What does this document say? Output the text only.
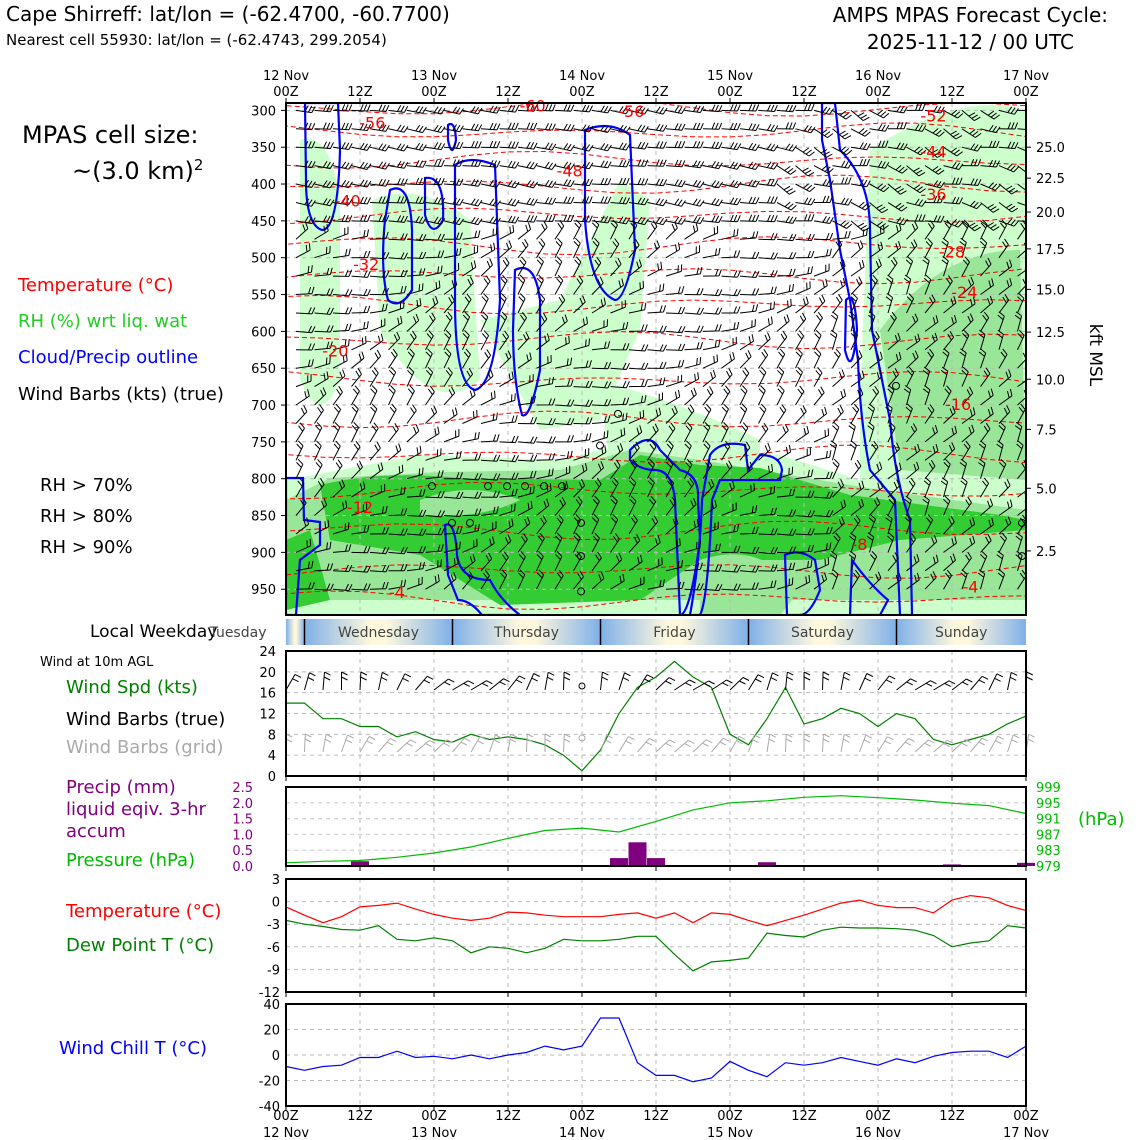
Cape Shirreff: lat/lon = (-62.4700, -60.7700)
Nearest cell 55930: lat/lon = (-62.4743, 299.2054)
AMPS MPAS Forecast Cycle:
2025-11-12 / 00 UTC
MPAS cell size:
~(3.0 km)$^2$
Temperature (°C)
RH (%) wrt liq. wat
Cloud/Precip outline
Wind Barbs (kts) (true)
RH > 70%
RH > 80%
RH > 90%
Local Weekday
Wind at 10m AGL
Wind Spd (kts)
Wind Barbs (true)
Wind Barbs (grid)
Precip (mm) liquid eqiv. 3-hr accum
Pressure (hPa)
(hPa)
Temperature (°C)
Dew Point T (°C)
Wind Chill T (°C)
-60	-56
-56	-52
-48
-44
-40	-36
-32
-28
-24
-20
-16
-12
-8
-4	-4
300
350
400
450
500
550
600
650
700
750
800
850
900
950
25.0
22.5
20.0
17.5
15.0
12.5
10.0
7.5
5.0
2.5
kft MSL
12 Nov
00Z	12Z
13 Nov
00Z	12Z
14 Nov
00Z	12Z
15 Nov
00Z	12Z
16 Nov
00Z	12Z
17 Nov
00Z
Tuesday	Wednesday	Thursday	Friday	Saturday	Sunday
0
4
8
12
16
20
24
0.0
0.5
1.0
1.5
2.0
2.5
979
983
987
991
995
999
-12
-9
-6
-3
0
3
-40
-20
0
20
40
00Z
12 Nov
12Z	00Z
13 Nov
12Z	00Z
14 Nov
12Z	00Z
15 Nov
12Z	00Z
16 Nov
12Z	00Z
17 Nov
